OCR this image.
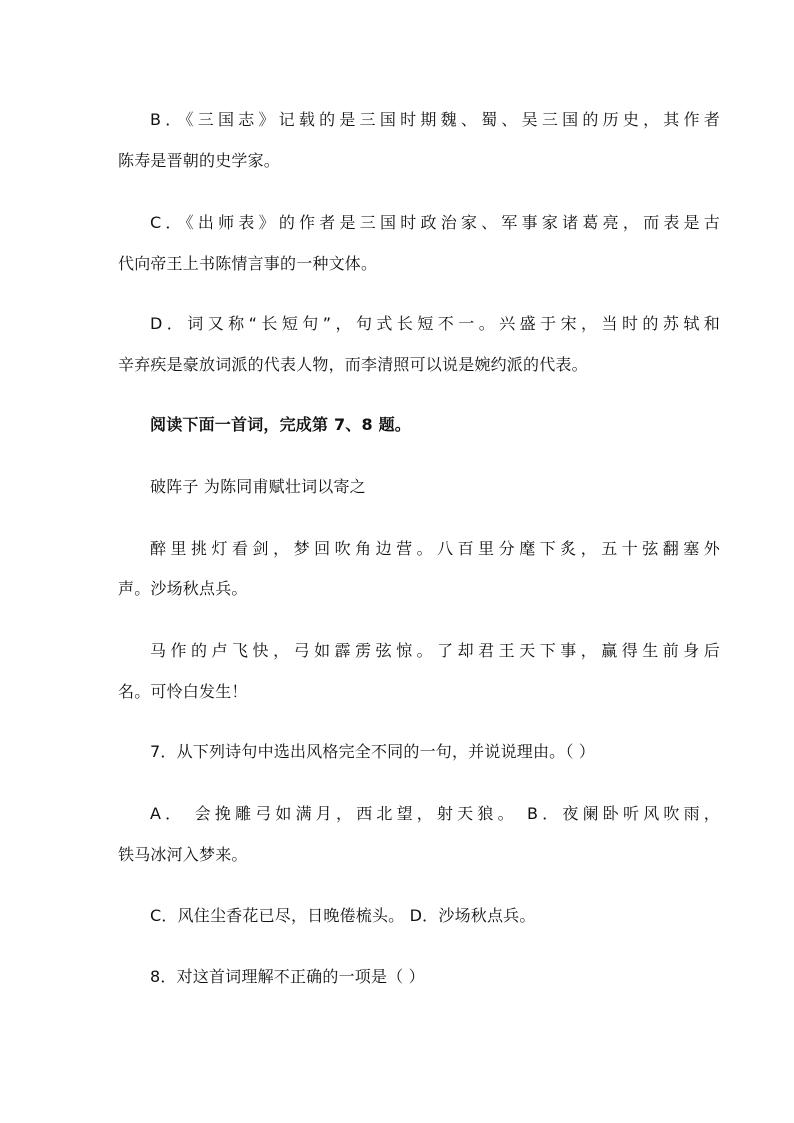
B．《三国志》记载的是三国时期魏、蜀、吴三国的历史，其作者
陈寿是晋朝的史学家。
C．《出师表》的作者是三国时政治家、军事家诸葛亮，而表是古
代向帝王上书陈情言事的一种文体。
D．词又称“长短句”，句式长短不一。兴盛于宋，当时的苏轼和
辛弃疾是豪放词派的代表人物，而李清照可以说是婉约派的代表。
阅读下面一首词，完成第 7、8 题。
破阵子 为陈同甫赋壮词以寄之
醉里挑灯看剑，梦回吹角边营。八百里分麾下炙，五十弦翻塞外
声。沙场秋点兵。
马作的卢飞快，弓如霹雳弦惊。了却君王天下事，赢得生前身后
名。可怜白发生！
7．从下列诗句中选出风格完全不同的一句，并说说理由。（ ）
A． 会挽雕弓如满月，西北望，射天狼。 B．夜阑卧听风吹雨，
铁马冰河入梦来。
C．风住尘香花已尽，日晚倦梳头。 D．沙场秋点兵。
8．对这首词理解不正确的一项是（ ）
